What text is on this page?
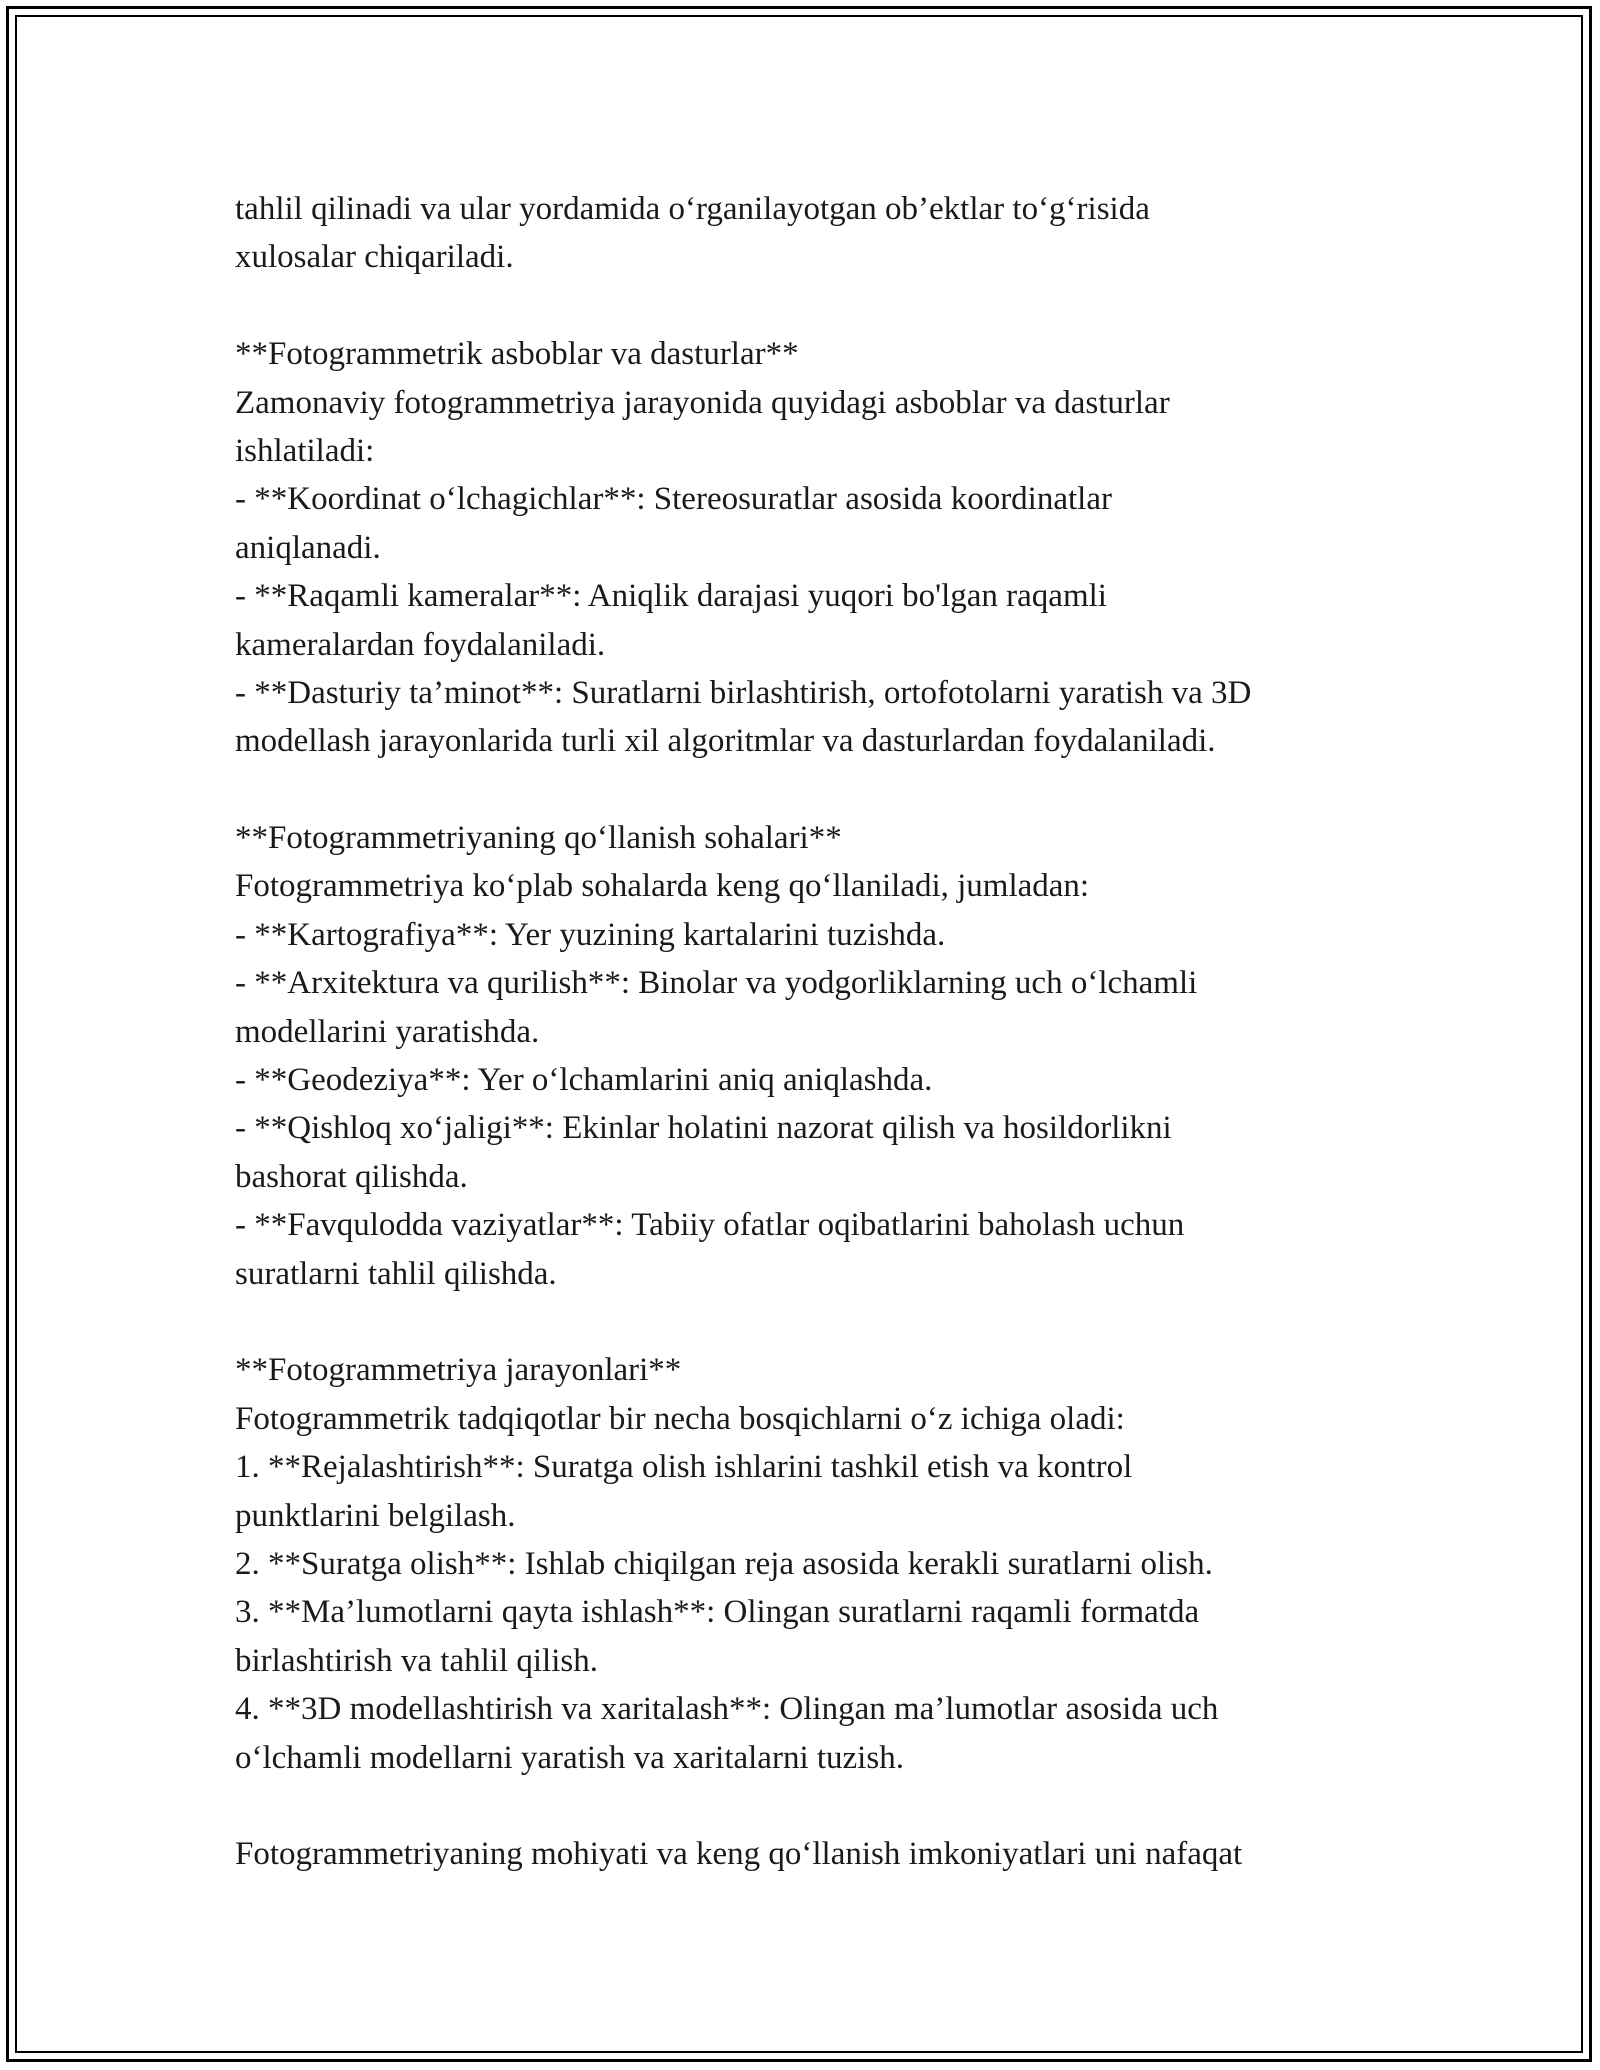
tahlil qilinadi va ular yordamida o‘rganilayotgan ob’ektlar to‘g‘risida
xulosalar chiqariladi.
**Fotogrammetrik asboblar va dasturlar**
Zamonaviy fotogrammetriya jarayonida quyidagi asboblar va dasturlar
ishlatiladi:
- **Koordinat o‘lchagichlar**: Stereosuratlar asosida koordinatlar
aniqlanadi.
- **Raqamli kameralar**: Aniqlik darajasi yuqori bo'lgan raqamli
kameralardan foydalaniladi.
- **Dasturiy ta’minot**: Suratlarni birlashtirish, ortofotolarni yaratish va 3D
modellash jarayonlarida turli xil algoritmlar va dasturlardan foydalaniladi.
**Fotogrammetriyaning qo‘llanish sohalari**
Fotogrammetriya ko‘plab sohalarda keng qo‘llaniladi, jumladan:
- **Kartografiya**: Yer yuzining kartalarini tuzishda.
- **Arxitektura va qurilish**: Binolar va yodgorliklarning uch o‘lchamli
modellarini yaratishda.
- **Geodeziya**: Yer o‘lchamlarini aniq aniqlashda.
- **Qishloq xo‘jaligi**: Ekinlar holatini nazorat qilish va hosildorlikni
bashorat qilishda.
- **Favqulodda vaziyatlar**: Tabiiy ofatlar oqibatlarini baholash uchun
suratlarni tahlil qilishda.
**Fotogrammetriya jarayonlari**
Fotogrammetrik tadqiqotlar bir necha bosqichlarni o‘z ichiga oladi:
1. **Rejalashtirish**: Suratga olish ishlarini tashkil etish va kontrol
punktlarini belgilash.
2. **Suratga olish**: Ishlab chiqilgan reja asosida kerakli suratlarni olish.
3. **Ma’lumotlarni qayta ishlash**: Olingan suratlarni raqamli formatda
birlashtirish va tahlil qilish.
4. **3D modellashtirish va xaritalash**: Olingan ma’lumotlar asosida uch
o‘lchamli modellarni yaratish va xaritalarni tuzish.
Fotogrammetriyaning mohiyati va keng qo‘llanish imkoniyatlari uni nafaqat
